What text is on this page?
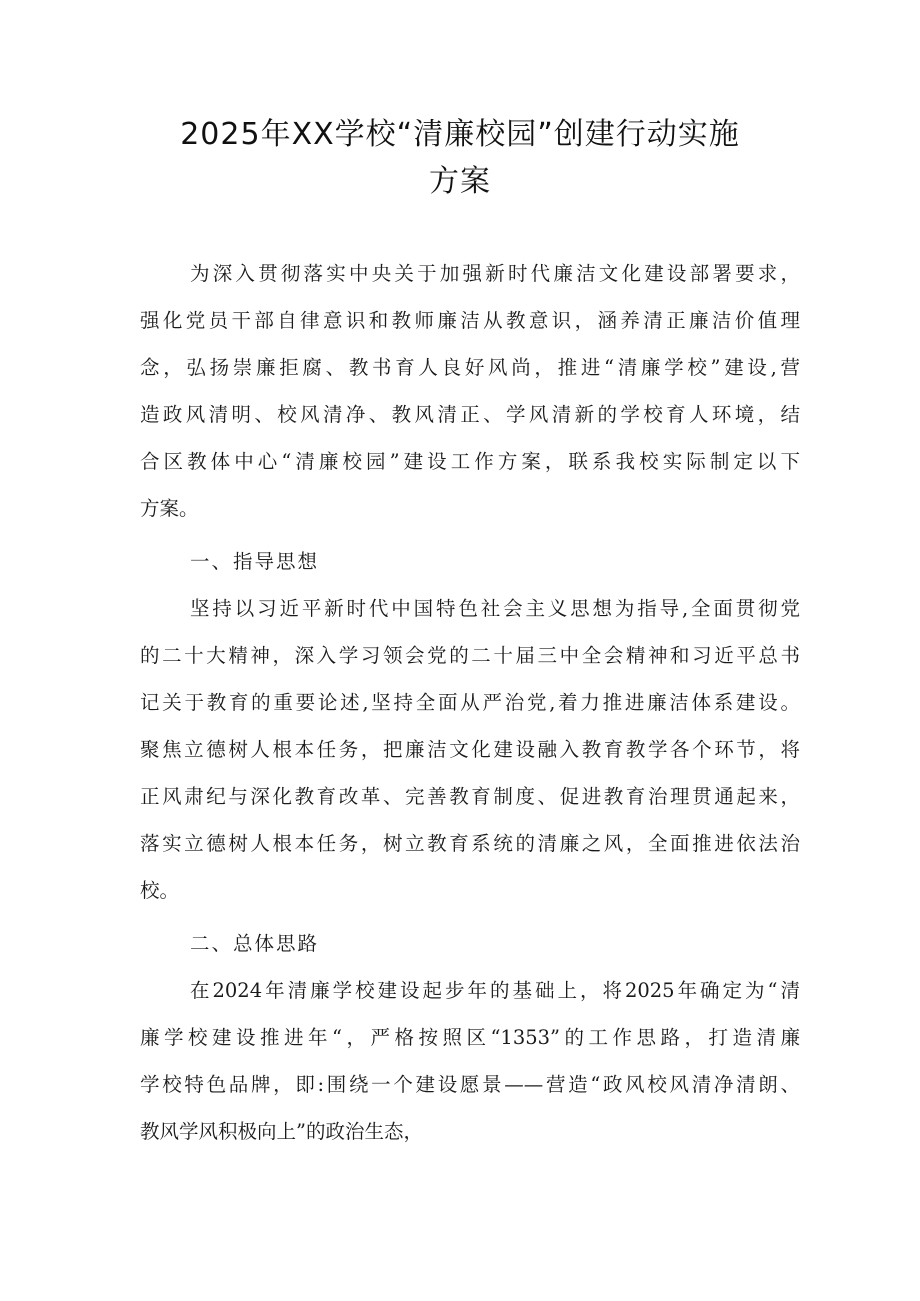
2025年XX学校“清廉校园”创建行动实施
方案
为深入贯彻落实中央关于加强新时代廉洁文化建设部署要求，
强化党员干部自律意识和教师廉洁从教意识，涵养清正廉洁价值理
念，弘扬崇廉拒腐、教书育人良好风尚，推进“清廉学校”建设,营
造政风清明、校风清净、教风清正、学风清新的学校育人环境，结
合区教体中心“清廉校园”建设工作方案，联系我校实际制定以下
方案。
一、指导思想
坚持以习近平新时代中国特色社会主义思想为指导,全面贯彻党
的二十大精神，深入学习领会党的二十届三中全会精神和习近平总书
记关于教育的重要论述,坚持全面从严治党,着力推进廉洁体系建设。
聚焦立德树人根本任务，把廉洁文化建设融入教育教学各个环节，将
正风肃纪与深化教育改革、完善教育制度、促进教育治理贯通起来，
落实立德树人根本任务，树立教育系统的清廉之风，全面推进依法治
校。
二、总体思路
在2024年清廉学校建设起步年的基础上，将2025年确定为“清
廉学校建设推进年“，严格按照区“1353”的工作思路，打造清廉
学校特色品牌，即:围绕一个建设愿景——营造“政风校风清净清朗、
教风学风积极向上”的政治生态，
